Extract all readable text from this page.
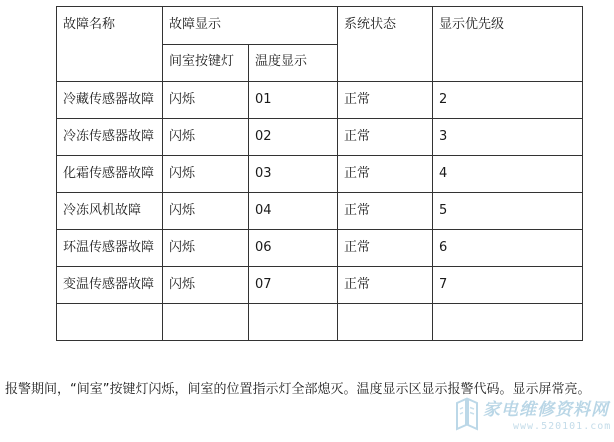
故障名称	故障显示		系统状态	显示优先级
	间室按键灯	温度显示		
冷藏传感器故障	闪烁	01	正常	2
冷冻传感器故障	闪烁	02	正常	3
化霜传感器故障	闪烁	03	正常	4
冷冻风机故障	闪烁	04	正常	5
环温传感器故障	闪烁	06	正常	6
变温传感器故障	闪烁	07	正常	7

报警期间，“间室”按键灯闪烁，间室的位置指示灯全部熄灭。温度显示区显示报警代码。显示屏常亮。
家电维修资料网
www.520101.com
